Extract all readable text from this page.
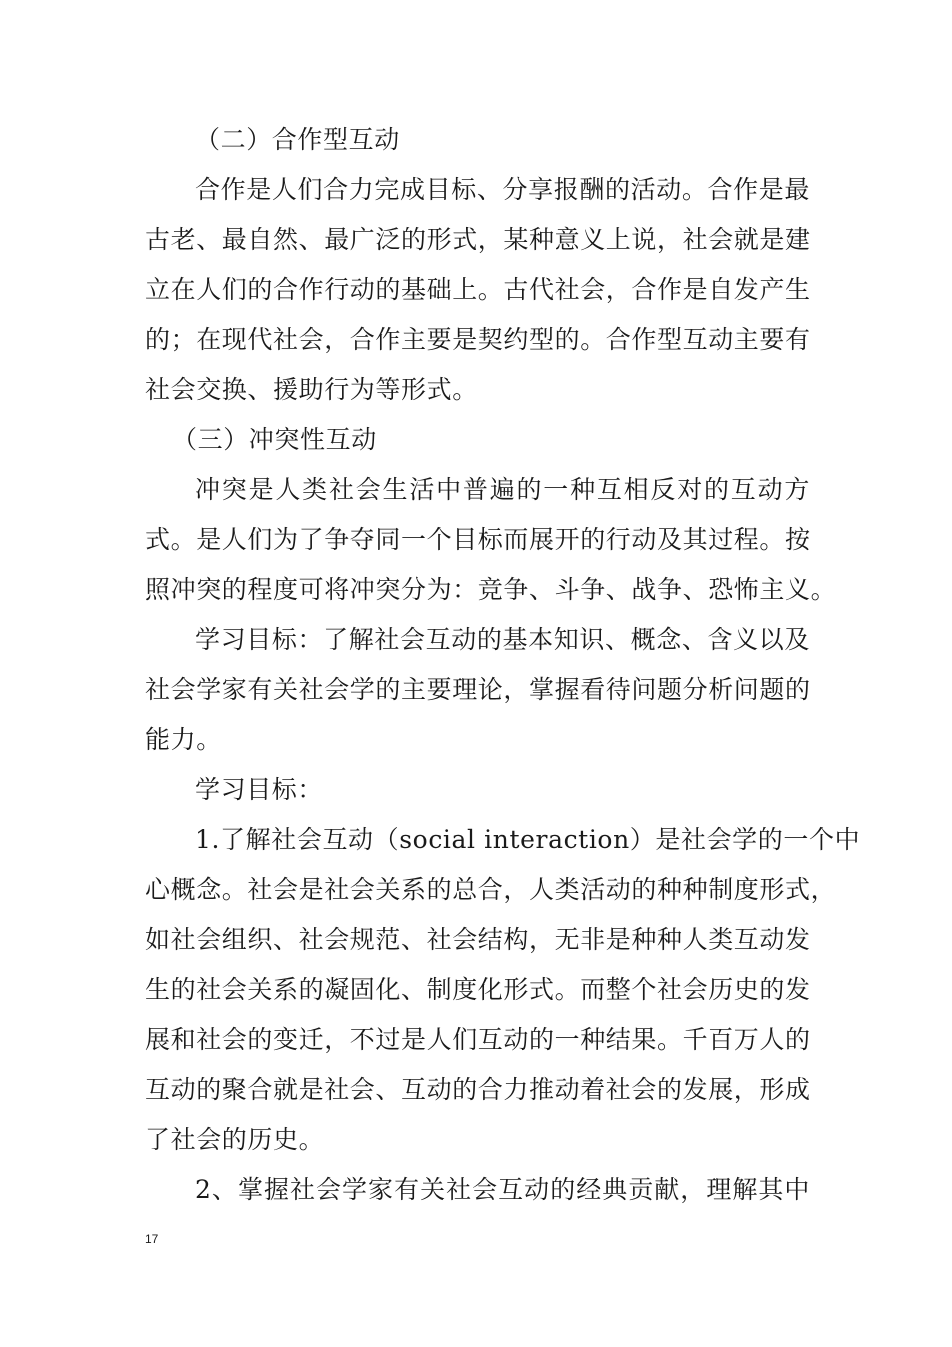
（二）合作型互动
合作是人们合力完成目标、分享报酬的活动。合作是最
古老、最自然、最广泛的形式，某种意义上说，社会就是建
立在人们的合作行动的基础上。古代社会，合作是自发产生
的；在现代社会，合作主要是契约型的。合作型互动主要有
社会交换、援助行为等形式。
（三）冲突性互动
冲突是人类社会生活中普遍的一种互相反对的互动方
式。是人们为了争夺同一个目标而展开的行动及其过程。按
照冲突的程度可将冲突分为：竞争、斗争、战争、恐怖主义。
学习目标：了解社会互动的基本知识、概念、含义以及
社会学家有关社会学的主要理论，掌握看待问题分析问题的
能力。
学习目标：
1.了解社会互动（social interaction）是社会学的一个中
心概念。社会是社会关系的总合，人类活动的种种制度形式，
如社会组织、社会规范、社会结构，无非是种种人类互动发
生的社会关系的凝固化、制度化形式。而整个社会历史的发
展和社会的变迁，不过是人们互动的一种结果。千百万人的
互动的聚合就是社会、互动的合力推动着社会的发展，形成
了社会的历史。
2、掌握社会学家有关社会互动的经典贡献，理解其中
17
